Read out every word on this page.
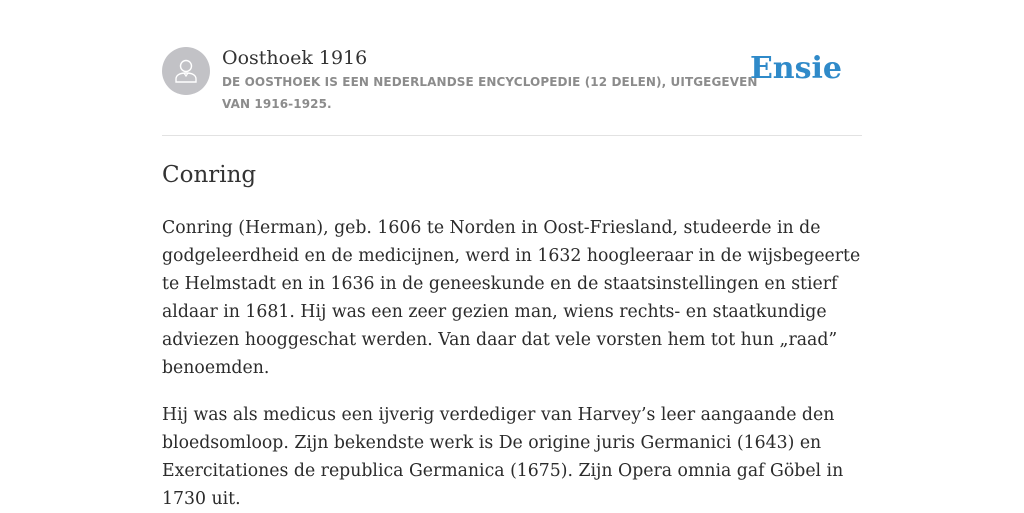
Oosthoek 1916
DE OOSTHOEK IS EEN NEDERLANDSE ENCYCLOPEDIE (12 DELEN), UITGEGEVEN VAN 1916-1925.
Ensie
Conring

Conring (Herman), geb. 1606 te Norden in Oost-Friesland, studeerde in de godgeleerdheid en de medicijnen, werd in 1632 hoogleeraar in de wijsbegeerte te Helmstadt en in 1636 in de geneeskunde en de staatsinstellingen en stierf aldaar in 1681. Hij was een zeer gezien man, wiens rechts- en staatkundige adviezen hooggeschat werden. Van daar dat vele vorsten hem tot hun „raad” benoemden.

Hij was als medicus een ijverig verdediger van Harvey’s leer aangaande den bloedsomloop. Zijn bekendste werk is De origine juris Germanici (1643) en Exercitationes de republica Germanica (1675). Zijn Opera omnia gaf Göbel in 1730 uit.
